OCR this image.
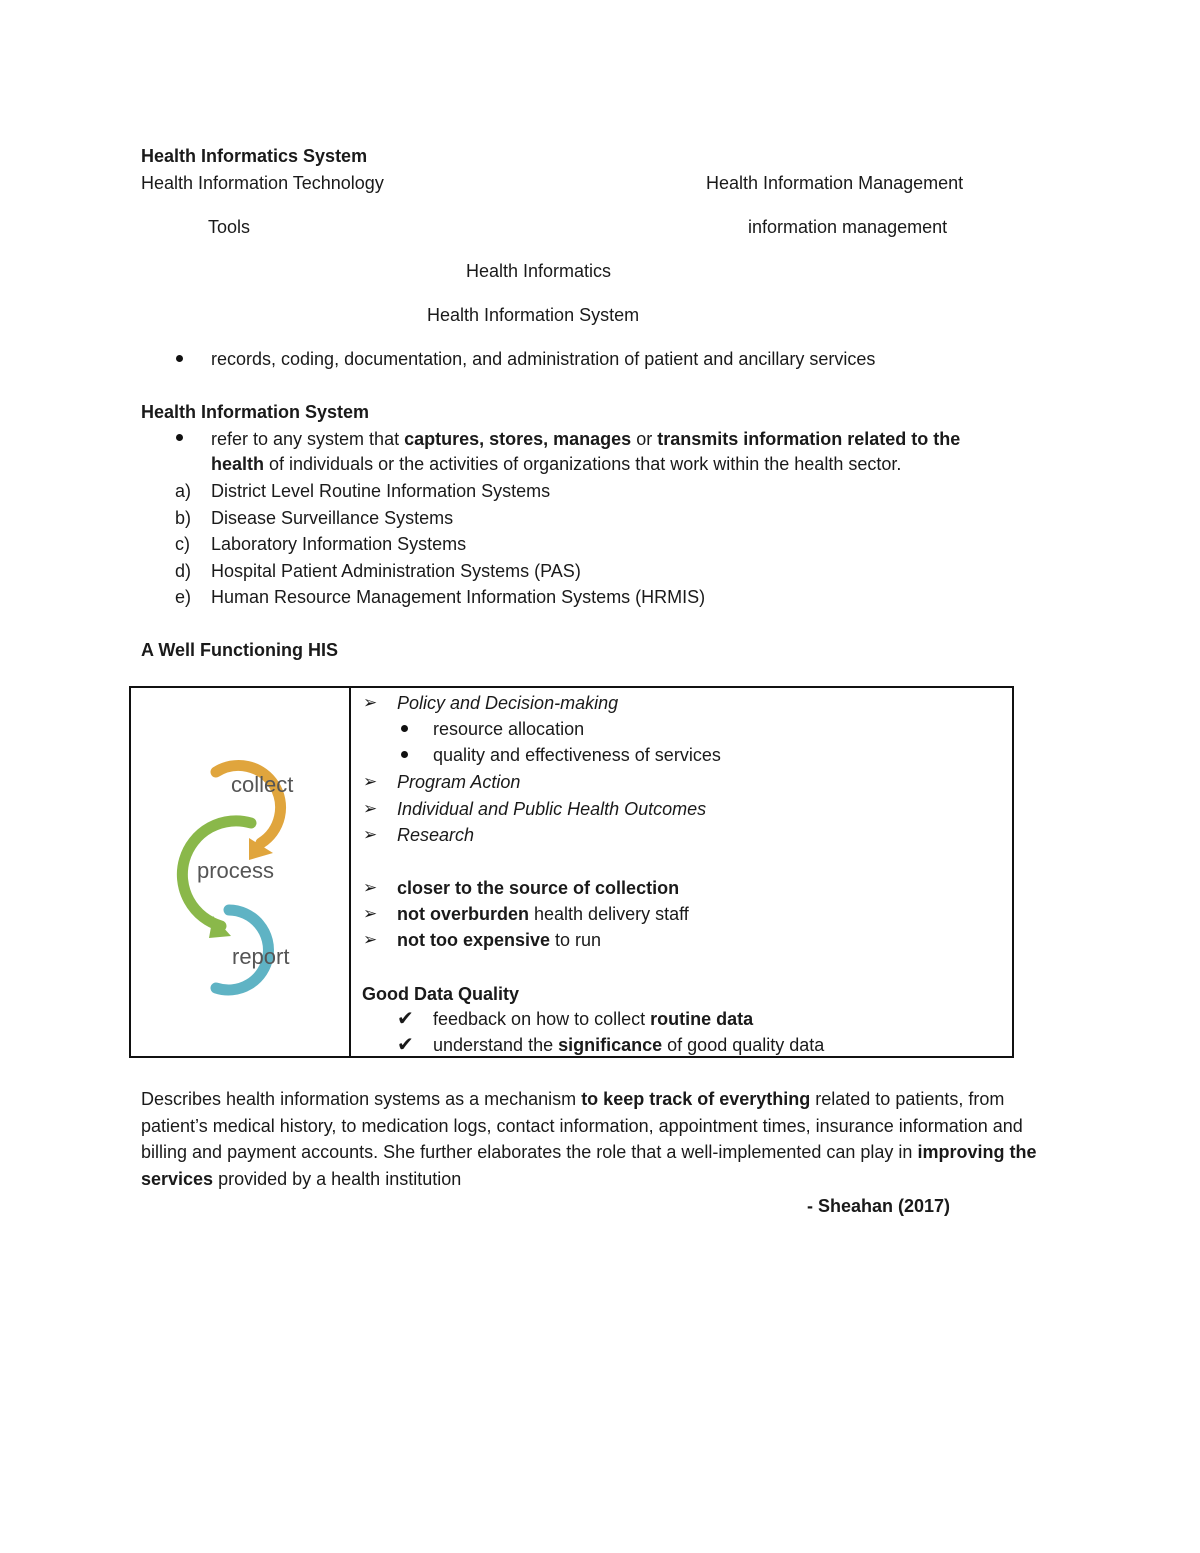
Health Informatics System
Health Information Technology	Health Information Management
Tools	information management
Health Informatics
Health Information System
records, coding, documentation, and administration of patient and ancillary services
Health Information System
refer to any system that captures, stores, manages or transmits information related to the
health of individuals or the activities of organizations that work within the health sector.
a)	District Level Routine Information Systems
b)	Disease Surveillance Systems
c)	Laboratory Information Systems
d)	Hospital Patient Administration Systems (PAS)
e)	Human Resource Management Information Systems (HRMIS)
A Well Functioning HIS
collect
process
report

➢ Policy and Decision-making
resource allocation
quality and effectiveness of services
➢ Program Action
➢ Individual and Public Health Outcomes
➢ Research
➢ closer to the source of collection
➢ not overburden health delivery staff
➢ not too expensive to run
Good Data Quality
✔ feedback on how to collect routine data
✔ understand the significance of good quality data
Describes health information systems as a mechanism to keep track of everything related to patients, from patient’s medical history, to medication logs, contact information, appointment times, insurance information and billing and payment accounts. She further elaborates the role that a well-implemented can play in improving the services provided by a health institution
- Sheahan (2017)
